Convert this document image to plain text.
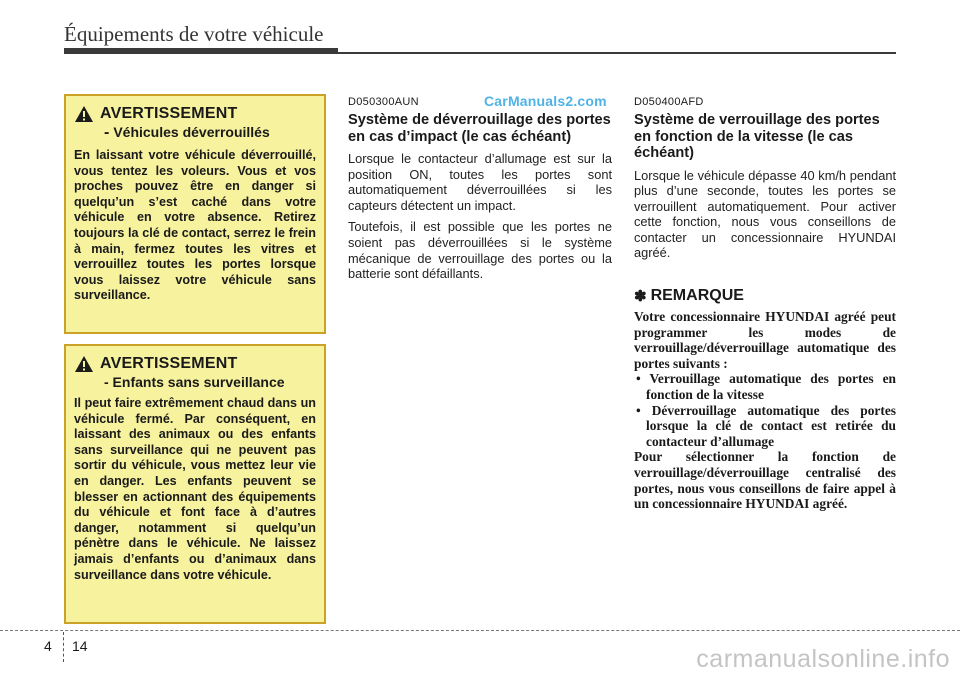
Équipements de votre véhicule
AVERTISSEMENT
- Véhicules déverrouillés

En laissant votre véhicule déverrouillé, vous tentez les voleurs. Vous et vos proches pouvez être en danger si quelqu’un s’est caché dans votre véhicule en votre absence. Retirez toujours la clé de contact, serrez le frein à main, fermez toutes les vitres et verrouillez toutes les portes lorsque vous laissez votre véhicule sans surveillance.

AVERTISSEMENT
- Enfants sans surveillance

Il peut faire extrêmement chaud dans un véhicule fermé. Par conséquent, en laissant des animaux ou des enfants sans surveillance qui ne peuvent pas sortir du véhicule, vous mettez leur vie en danger. Les enfants peuvent se blesser en actionnant des équipements du véhicule et font face à d’autres danger, notamment si quelqu’un pénètre dans le véhicule. Ne laissez jamais d’enfants ou d’animaux dans surveillance dans votre véhicule.

CarManuals2.com
D050300AUN
Système de déverrouillage des portes en cas d’impact (le cas échéant)

Lorsque le contacteur d’allumage est sur la position ON, toutes les portes sont automatiquement déverrouillées si les capteurs détectent un impact.

Toutefois, il est possible que les portes ne soient pas déverrouillées si le système mécanique de verrouillage des portes ou la batterie sont défaillants.

D050400AFD
Système de verrouillage des portes en fonction de la vitesse (le cas échéant)

Lorsque le véhicule dépasse 40 km/h pendant plus d’une seconde, toutes les portes se verrouillent automatiquement. Pour activer cette fonction, nous vous conseillons de contacter un concessionnaire HYUNDAI agréé.

✽ REMARQUE

Votre concessionnaire HYUNDAI agréé peut programmer les modes de verrouillage/déverrouillage automatique des portes suivants :

• Verrouillage automatique des portes en fonction de la vitesse

• Déverrouillage automatique des portes lorsque la clé de contact est retirée du contacteur d’allumage

Pour sélectionner la fonction de verrouillage/déverrouillage centralisé des portes, nous vous conseillons de faire appel à un concessionnaire HYUNDAI agréé.

4 14	carmanualsonline.info
